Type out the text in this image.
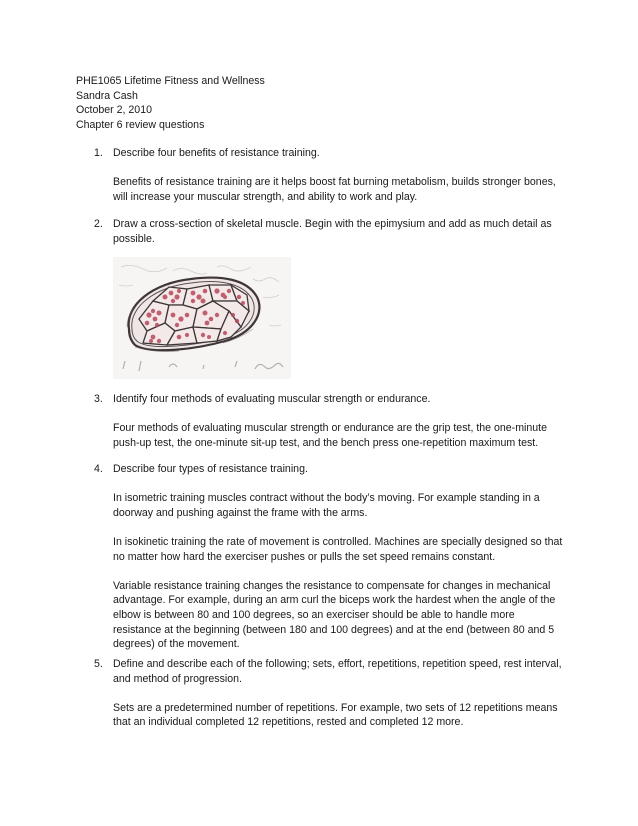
PHE1065 Lifetime Fitness and Wellness
Sandra Cash
October 2, 2010
Chapter 6 review questions
1. Describe four benefits of resistance training.

Benefits of resistance training are it helps boost fat burning metabolism, builds stronger bones, will increase your muscular strength, and ability to work and play.

2. Draw a cross-section of skeletal muscle. Begin with the epimysium and add as much detail as possible.
3. Identify four methods of evaluating muscular strength or endurance.

Four methods of evaluating muscular strength or endurance are the grip test, the one-minute push-up test, the one-minute sit-up test, and the bench press one-repetition maximum test.

4. Describe four types of resistance training.

In isometric training muscles contract without the body’s moving. For example standing in a doorway and pushing against the frame with the arms.

In isokinetic training the rate of movement is controlled. Machines are specially designed so that no matter how hard the exerciser pushes or pulls the set speed remains constant.

Variable resistance training changes the resistance to compensate for changes in mechanical advantage. For example, during an arm curl the biceps work the hardest when the angle of the elbow is between 80 and 100 degrees, so an exerciser should be able to handle more resistance at the beginning (between 180 and 100 degrees) and at the end (between 80 and 5 degrees) of the movement.

5. Define and describe each of the following; sets, effort, repetitions, repetition speed, rest interval, and method of progression.

Sets are a predetermined number of repetitions. For example, two sets of 12 repetitions means that an individual completed 12 repetitions, rested and completed 12 more.
